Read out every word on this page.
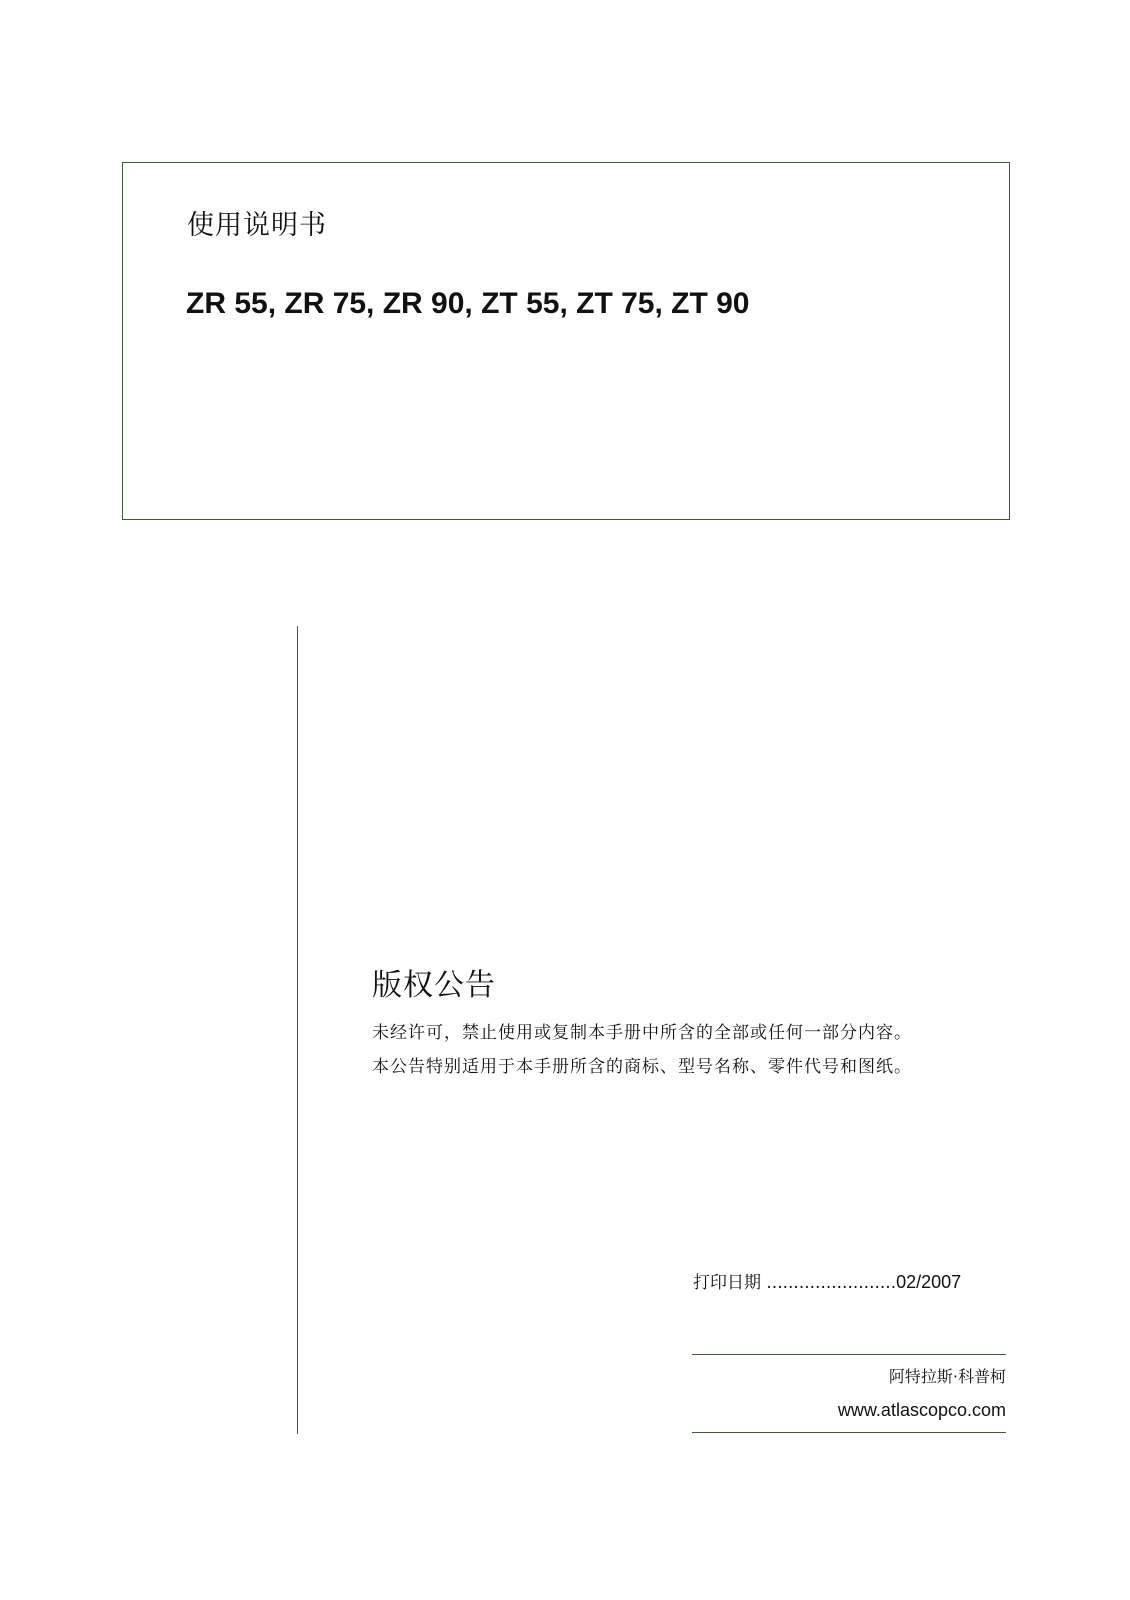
使用说明书
ZR 55, ZR 75, ZR 90, ZT 55, ZT 75, ZT 90
版权公告

未经许可，禁止使用或复制本手册中所含的全部或任何一部分内容。

本公告特别适用于本手册所含的商标、型号名称、零件代号和图纸。

打印日期 ........................02/2007
阿特拉斯·科普柯
www.atlascopco.com
